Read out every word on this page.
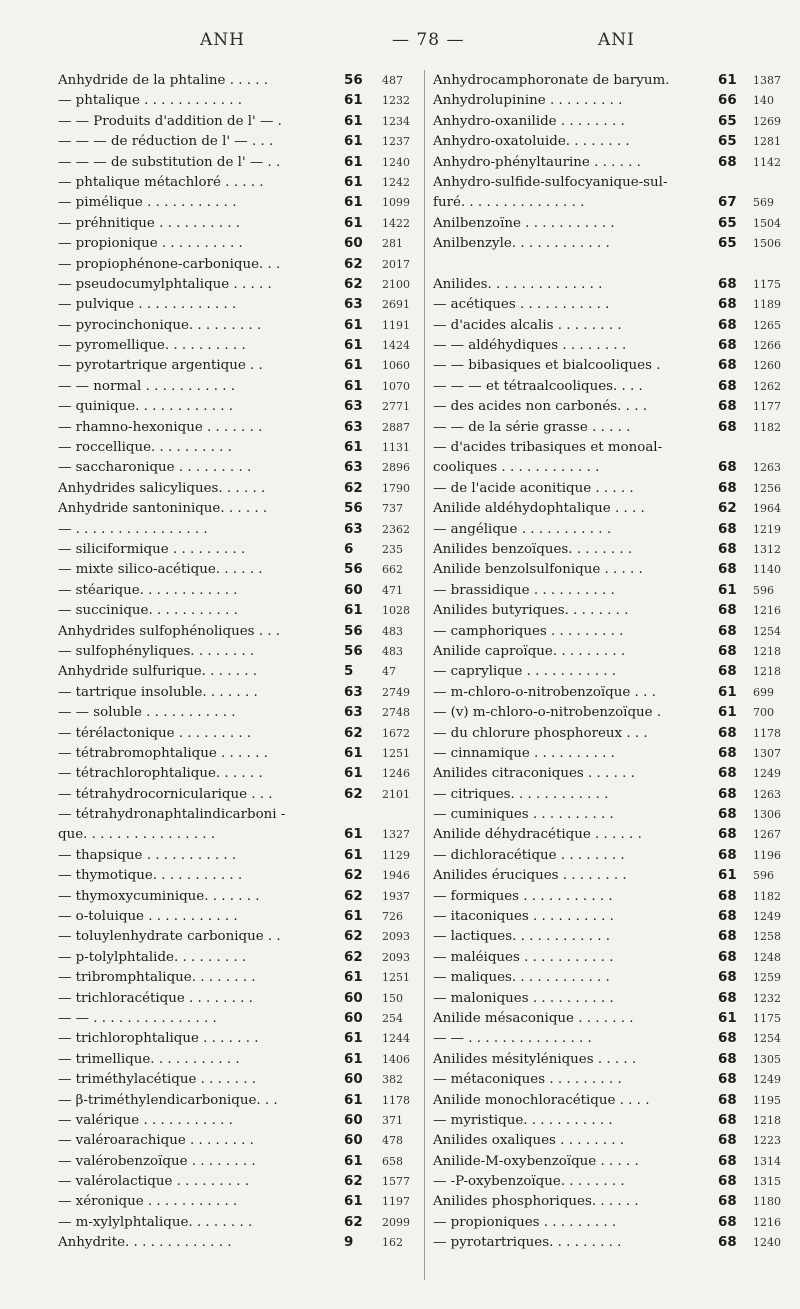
ANH	— 78 —	ANI
Anhydride de la phtaline . . . . .	56 487
— phtalique . . . . . . . . . . . .	61 1232
— — Produits d'addition de l' — .	61 1234
— — — de réduction de l' — . . .	61 1237
— — — de substitution de l' — . .	61 1240
— phtalique métachloré . . . . .	61 1242
— pimélique . . . . . . . . . . .	61 1099
— préhnitique . . . . . . . . . .	61 1422
— propionique . . . . . . . . . .	60 281
— propiophénone-carbonique. . .	62 2017
— pseudocumylphtalique . . . . .	62 2100
— pulvique . . . . . . . . . . . .	63 2691
— pyrocinchonique. . . . . . . . .	61 1191
— pyromellique. . . . . . . . . .	61 1424
— pyrotartrique argentique . .	61 1060
— — normal . . . . . . . . . . .	61 1070
— quinique. . . . . . . . . . . .	63 2771
— rhamno-hexonique . . . . . . .	63 2887
— roccellique. . . . . . . . . .	61 1131
— saccharonique . . . . . . . . .	63 2896
Anhydrides salicyliques. . . . . .	62 1790
Anhydride santoninique. . . . . .	56 737
— . . . . . . . . . . . . . . . .	63 2362
— siliciformique . . . . . . . . .	6	235
— mixte silico-acétique. . . . . .	56 662
— stéarique. . . . . . . . . . . .	60 471
— succinique. . . . . . . . . . .	61 1028
Anhydrides sulfophénoliques . . .	56 483
— sulfophényliques. . . . . . . .	56 483
Anhydride sulfurique. . . . . . .	5	47
— tartrique insoluble. . . . . . .	63 2749
— — soluble . . . . . . . . . . .	63 2748
— térélactonique . . . . . . . . .	62 1672
— tétrabromophtalique . . . . . .	61 1251
— tétrachlorophtalique. . . . . .	61 1246
— tétrahydrocornicularique . . .	62 2101
— tétrahydronaphtalindicarboni -
que. . . . . . . . . . . . . . . .	61 1327
— thapsique . . . . . . . . . . .	61 1129
— thymotique. . . . . . . . . . .	62 1946
— thymoxycuminique. . . . . . .	62 1937
— o-toluique . . . . . . . . . . .	61 726
— toluylenhydrate carbonique . .	62 2093
— p-tolylphtalide. . . . . . . . .	62 2093
— tribromphtalique. . . . . . . .	61 1251
— trichloracétique . . . . . . . .	60 150
— — . . . . . . . . . . . . . . .	60 254
— trichlorophtalique . . . . . . .	61 1244
— trimellique. . . . . . . . . . .	61 1406
— triméthylacétique . . . . . . .	60 382
— β-triméthylendicarbonique. . .	61 1178
— valérique . . . . . . . . . . .	60 371
— valéroarachique . . . . . . . .	60 478
— valérobenzoïque . . . . . . . .	61 658
— valérolactique . . . . . . . . .	62 1577
— xéronique . . . . . . . . . . .	61 1197
— m-xylylphtalique. . . . . . . .	62 2099
Anhydrite. . . . . . . . . . . . .	9	162
Anhydrocamphoronate de baryum.	61 1387
Anhydrolupinine . . . . . . . . .	66 140
Anhydro-oxanilide . . . . . . . .	65 1269
Anhydro-oxatoluide. . . . . . . .	65 1281
Anhydro-phényltaurine . . . . . .	68 1142
Anhydro-sulfide-sulfocyanique-sul-
furé. . . . . . . . . . . . . . .	67 569
Anilbenzoïne . . . . . . . . . . .	65 1504
Anilbenzyle. . . . . . . . . . . .	65 1506
Anilides. . . . . . . . . . . . . .	68 1175
— acétiques . . . . . . . . . . .	68 1189
— d'acides alcalis . . . . . . . .	68 1265
— — aldéhydiques . . . . . . . .	68 1266
— — bibasiques et bialcooliques .	68 1260
— — — et tétraalcooliques. . . .	68 1262
— des acides non carbonés. . . .	68 1177
— — de la série grasse . . . . .	68 1182
— d'acides tribasiques et monoal-
cooliques . . . . . . . . . . . .	68 1263
— de l'acide aconitique . . . . .	68 1256
Anilide aldéhydophtalique . . . .	62 1964
— angélique . . . . . . . . . . .	68 1219
Anilides benzoïques. . . . . . . .	68 1312
Anilide benzolsulfonique . . . . .	68 1140
— brassidique . . . . . . . . . .	61 596
Anilides butyriques. . . . . . . .	68 1216
— camphoriques . . . . . . . . .	68 1254
Anilide caproïque. . . . . . . . .	68 1218
— caprylique . . . . . . . . . . .	68 1218
— m-chloro-o-nitrobenzoïque . . .	61 699
— (v) m-chloro-o-nitrobenzoïque .	61 700
— du chlorure phosphoreux . . .	68 1178
— cinnamique . . . . . . . . . .	68 1307
Anilides citraconiques . . . . . .	68 1249
— citriques. . . . . . . . . . . .	68 1263
— cuminiques . . . . . . . . . .	68 1306
Anilide déhydracétique . . . . . .	68 1267
— dichloracétique . . . . . . . .	68 1196
Anilides éruciques . . . . . . . .	61 596
— formiques . . . . . . . . . . .	68 1182
— itaconiques . . . . . . . . . .	68 1249
— lactiques. . . . . . . . . . . .	68 1258
— maléiques . . . . . . . . . . .	68 1248
— maliques. . . . . . . . . . . .	68 1259
— maloniques . . . . . . . . . .	68 1232
Anilide mésaconique . . . . . . .	61 1175
— — . . . . . . . . . . . . . . .	68 1254
Anilides mésityléniques . . . . .	68 1305
— métaconiques . . . . . . . . .	68 1249
Anilide monochloracétique . . . .	68 1195
— myristique. . . . . . . . . . .	68 1218
Anilides oxaliques . . . . . . . .	68 1223
Anilide-M-oxybenzoïque . . . . .	68 1314
— -P-oxybenzoïque. . . . . . . .	68 1315
Anilides phosphoriques. . . . . .	68 1180
— propioniques . . . . . . . . .	68 1216
— pyrotartriques. . . . . . . . .	68 1240
